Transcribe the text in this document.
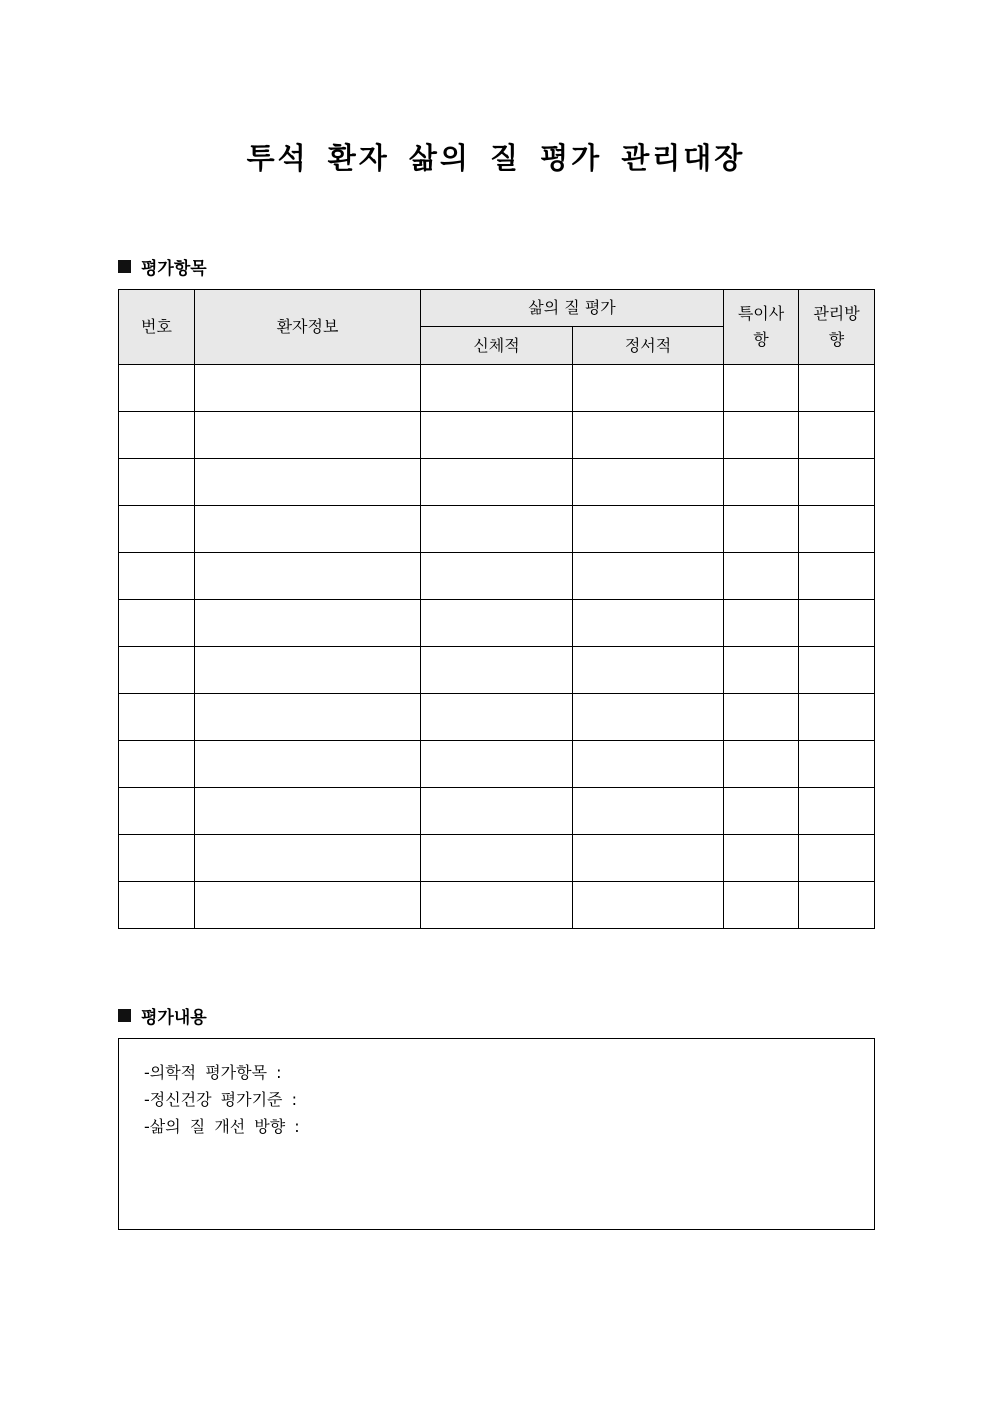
투석 환자 삶의 질 평가 관리대장
평가항목
번호	환자정보	삶의 질 평가		특이사항	관리방향
		신체적	정서적		

평가내용
-의학적 평가항목 :
-정신건강 평가기준 :
-삶의 질 개선 방향 :
